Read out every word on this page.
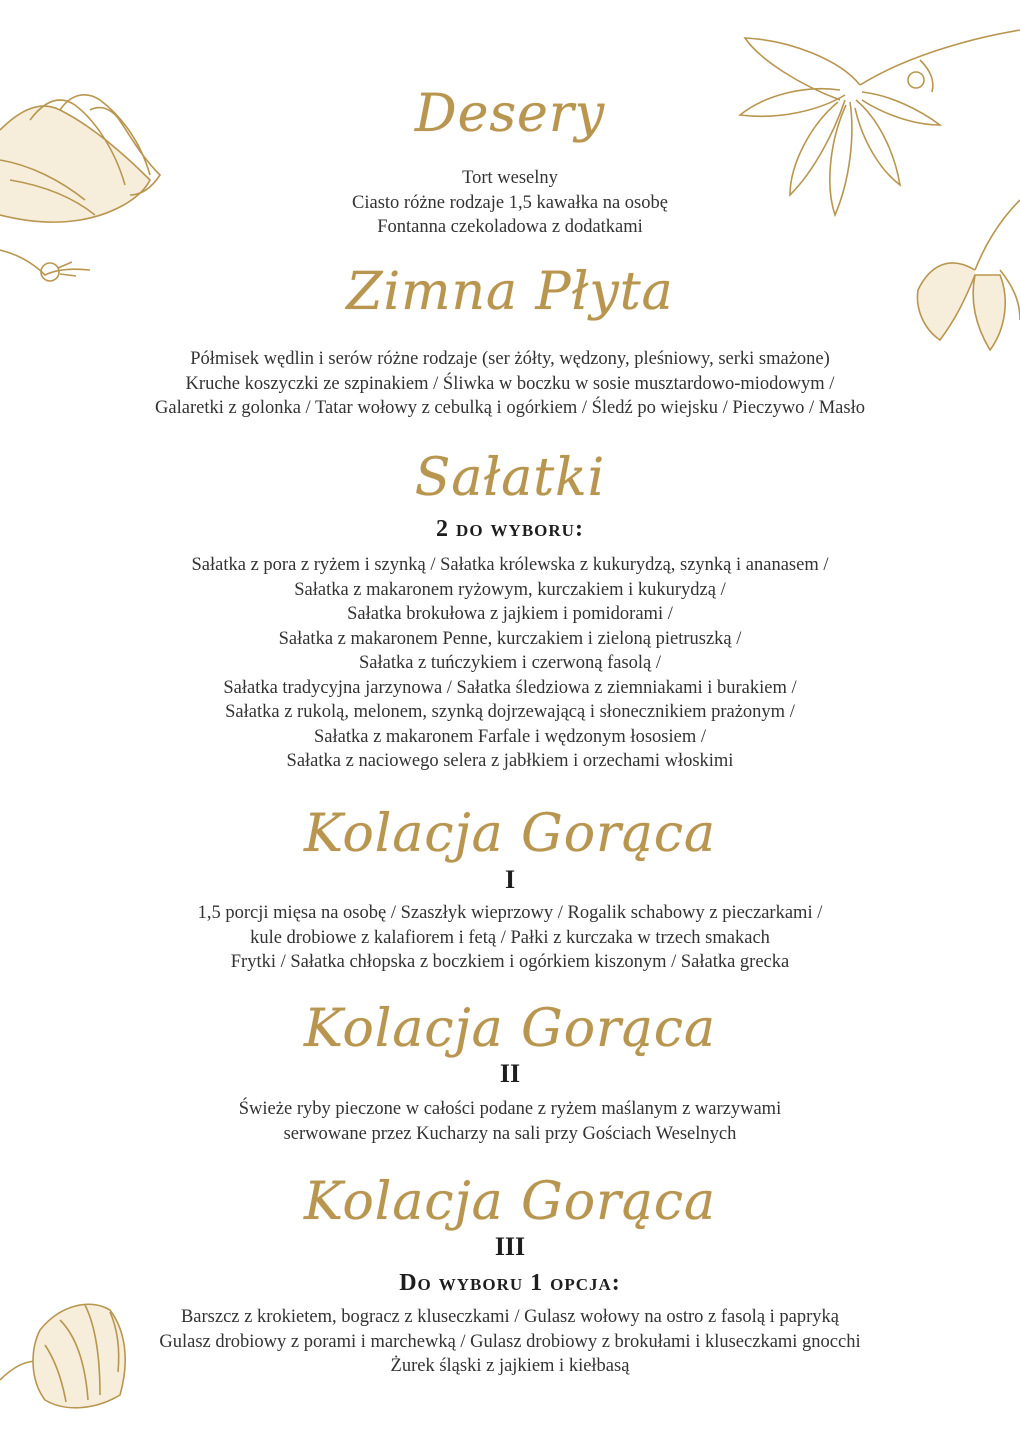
Desery
Tort weselny
Ciasto różne rodzaje 1,5 kawałka na osobę
Fontanna czekoladowa z dodatkami
Zimna Płyta
Półmisek wędlin i serów różne rodzaje (ser żółty, wędzony, pleśniowy, serki smażone)
Kruche koszyczki ze szpinakiem / Śliwka w boczku w sosie musztardowo-miodowym /
Galaretki z golonka / Tatar wołowy z cebulką i ogórkiem / Śledź po wiejsku / Pieczywo / Masło
Sałatki
2 do wyboru:
Sałatka z pora z ryżem i szynką / Sałatka królewska z kukurydzą, szynką i ananasem /
Sałatka z makaronem ryżowym, kurczakiem i kukurydzą /
Sałatka brokułowa z jajkiem i pomidorami /
Sałatka z makaronem Penne, kurczakiem i zieloną pietruszką /
Sałatka z tuńczykiem i czerwoną fasolą /
Sałatka tradycyjna jarzynowa / Sałatka śledziowa z ziemniakami i burakiem /
Sałatka z rukolą, melonem, szynką dojrzewającą i słonecznikiem prażonym /
Sałatka z makaronem Farfale i wędzonym łososiem /
Sałatka z naciowego selera z jabłkiem i orzechami włoskimi
Kolacja Gorąca
I
1,5 porcji mięsa na osobę / Szaszłyk wieprzowy / Rogalik schabowy z pieczarkami /
kule drobiowe z kalafiorem i fetą / Pałki z kurczaka w trzech smakach
Frytki / Sałatka chłopska z boczkiem i ogórkiem kiszonym / Sałatka grecka
Kolacja Gorąca
II
Świeże ryby pieczone w całości podane z ryżem maślanym z warzywami
serwowane przez Kucharzy na sali przy Gościach Weselnych
Kolacja Gorąca
III
Do wyboru 1 opcja:
Barszcz z krokietem, bogracz z kluseczkami / Gulasz wołowy na ostro z fasolą i papryką
Gulasz drobiowy z porami i marchewką / Gulasz drobiowy z brokułami i kluseczkami gnocchi
Żurek śląski z jajkiem i kiełbasą
